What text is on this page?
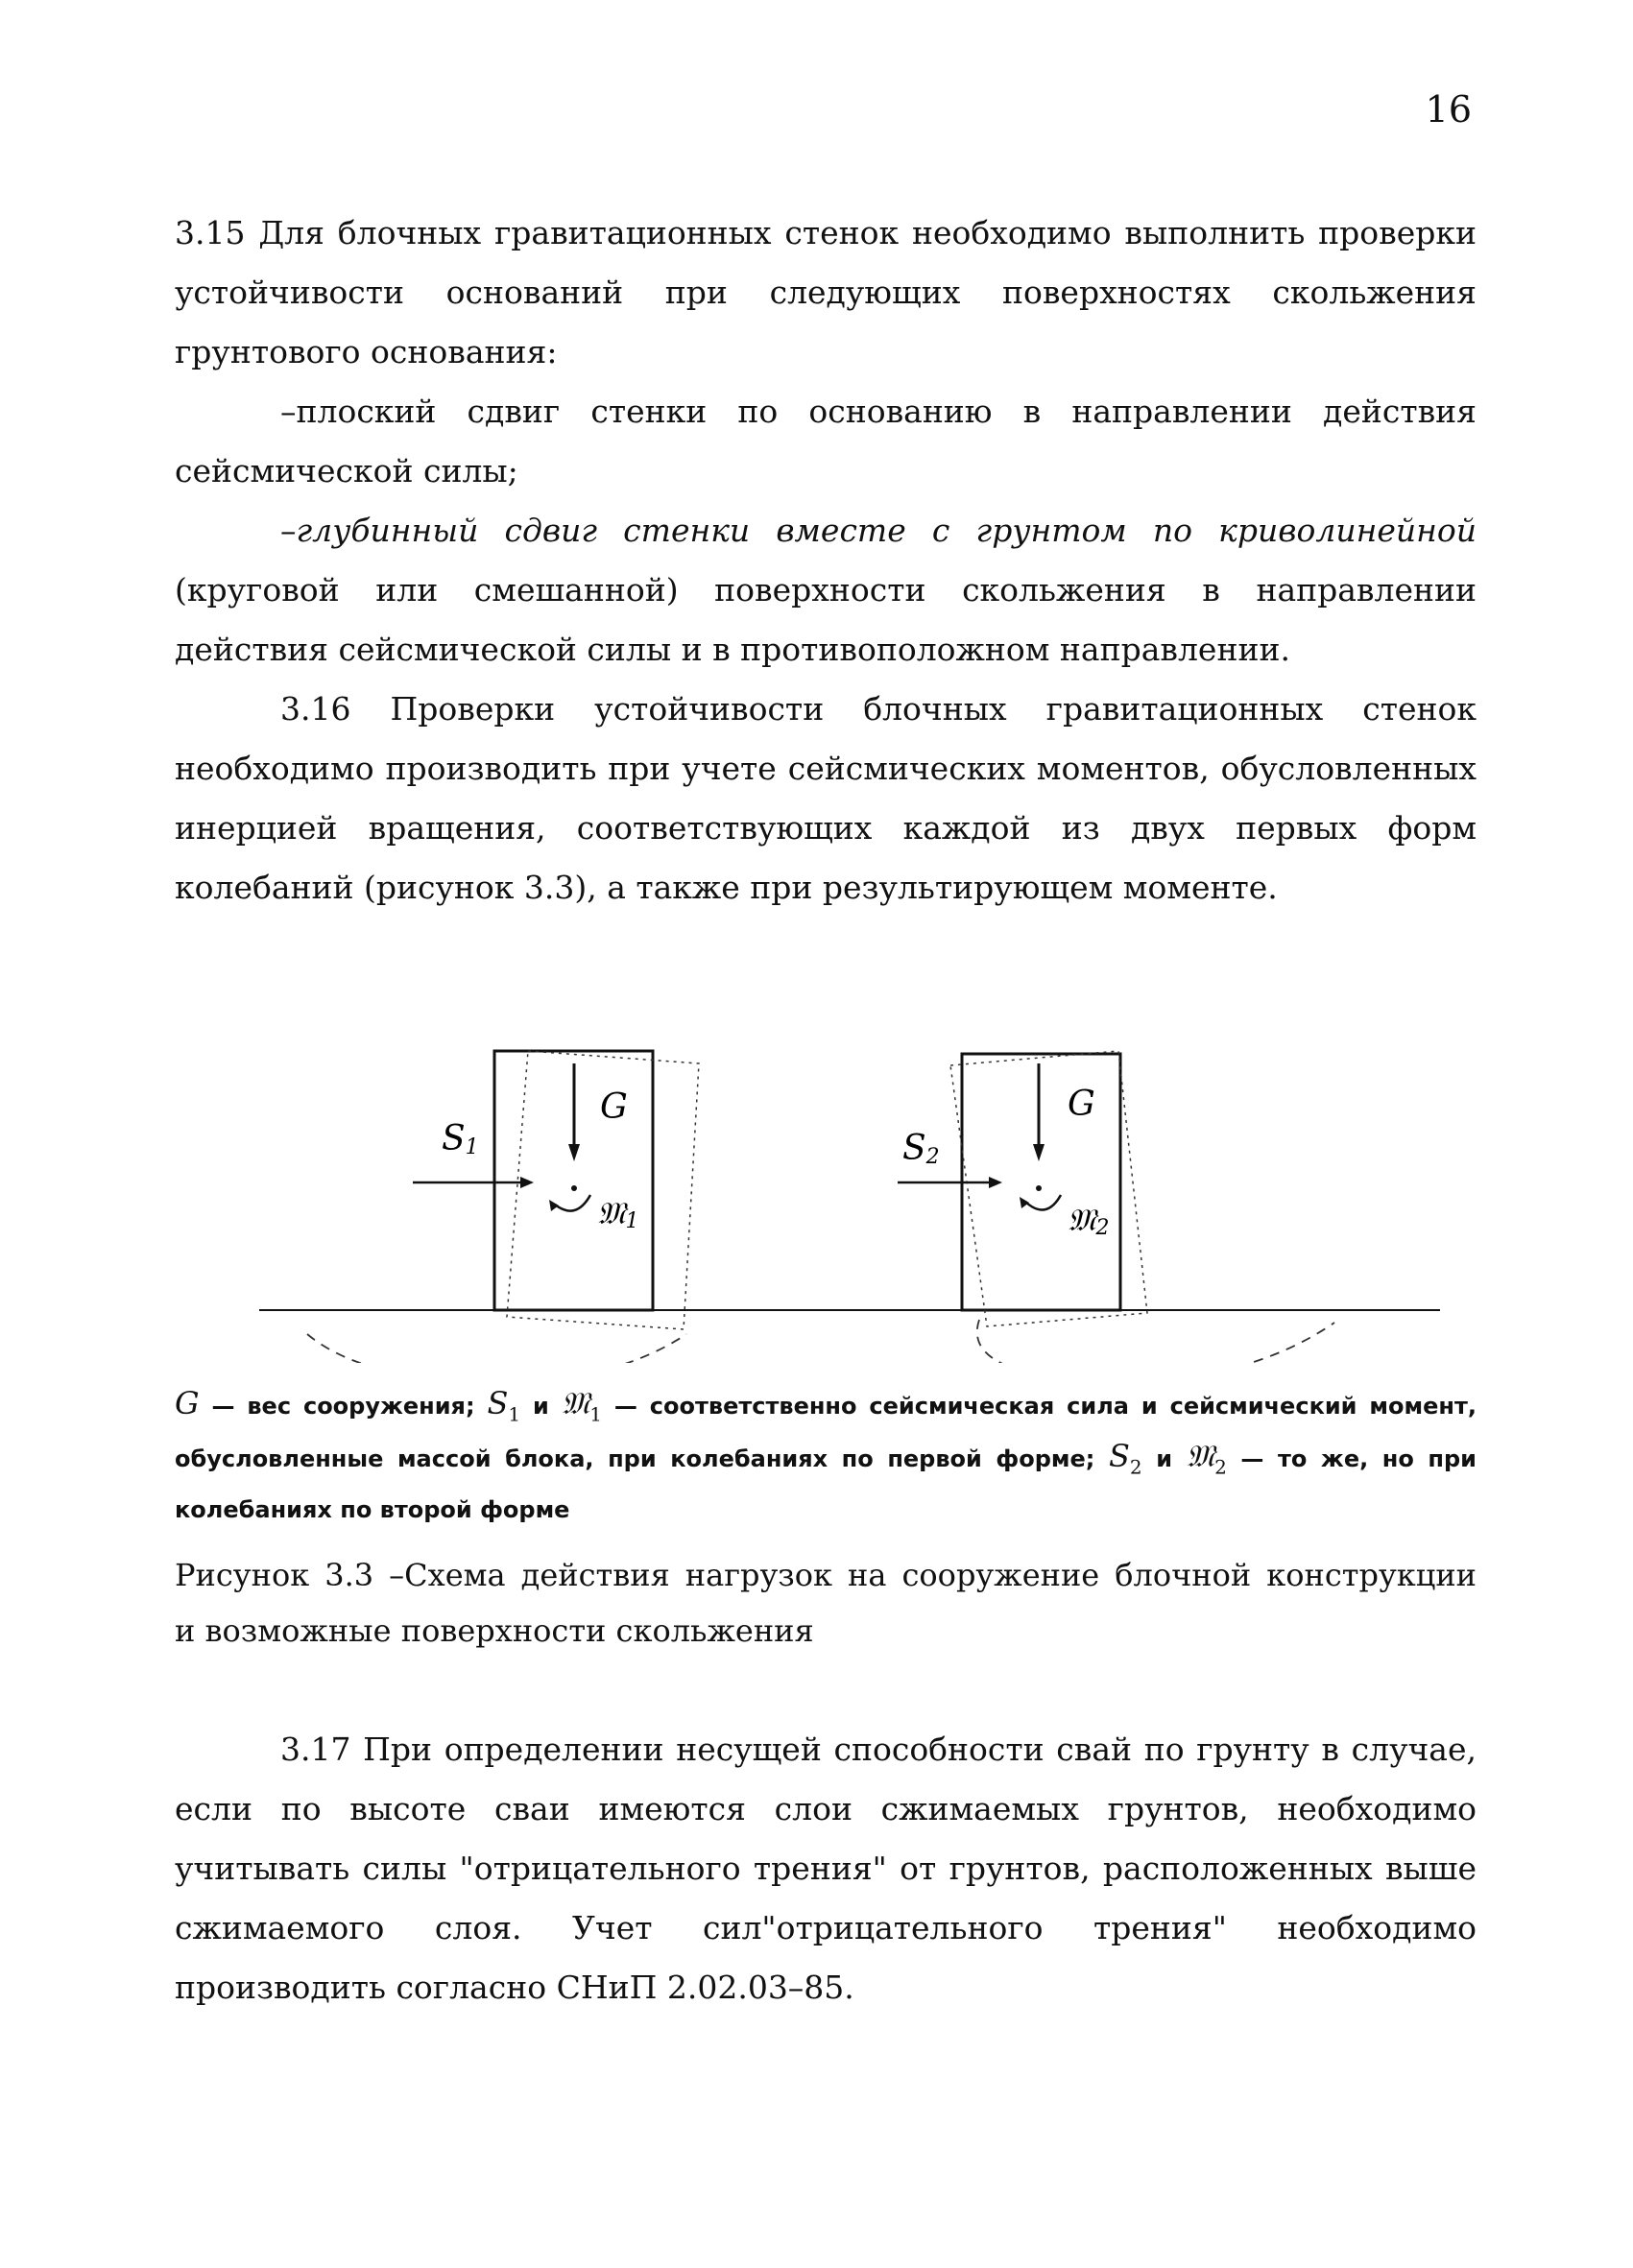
16

3.15 Для блочных гравитационных стенок необходимо выполнить проверки устойчивости оснований при следующих поверхностях скольжения грунтового основания:

–плоский сдвиг стенки по основанию в направлении действия сейсмической силы;

–глубинный сдвиг стенки вместе с грунтом по криволинейной (круговой или смешанной) поверхности скольжения в направлении действия сейсмической силы и в противоположном направлении.

3.16 Проверки устойчивости блочных гравитационных стенок необходимо производить при учете сейсмических моментов, обусловленных инерцией вращения, соответствующих каждой из двух первых форм колебаний (рисунок 3.3), а также при результирующем моменте.

G
S1
𝔐1
G
S2
𝔐2
G — вес сооружения; $S_1$ и 𝔐$_1$ — соответственно сейсмическая сила и сейсмический момент, обусловленные массой блока, при колебаниях по первой форме; $S_2$ и 𝔐$_2$ — то же, но при колебаниях по второй форме
Рисунок 3.3 –Схема действия нагрузок на сооружение блочной конструкции
и возможные поверхности скольжения

3.17 При определении несущей способности свай по грунту в случае, если по высоте сваи имеются слои сжимаемых грунтов, необходимо учитывать силы "отрицательного трения" от грунтов, расположенных выше сжимаемого слоя. Учет сил"отрицательного трения" необходимо производить согласно СНиП 2.02.03–85.
